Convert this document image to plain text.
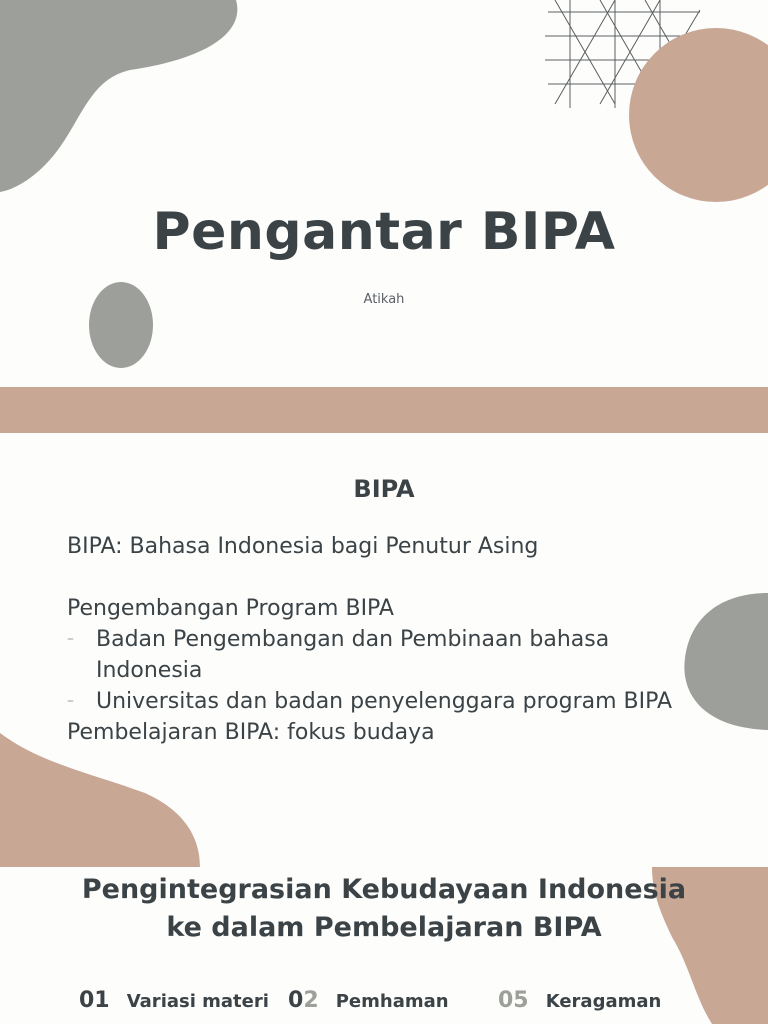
Pengantar BIPA
Atikah
BIPA

BIPA: Bahasa Indonesia bagi Penutur Asing

Pengembangan Program BIPA

– Badan Pengembangan dan Pembinaan bahasa Indonesia
– Universitas dan badan penyelenggara program BIPA

Pembelajaran BIPA: fokus budaya

Pengintegrasian Kebudayaan Indonesia
ke dalam Pembelajaran BIPA
01 Variasi materi 02 Pemhaman 05 Keragaman
